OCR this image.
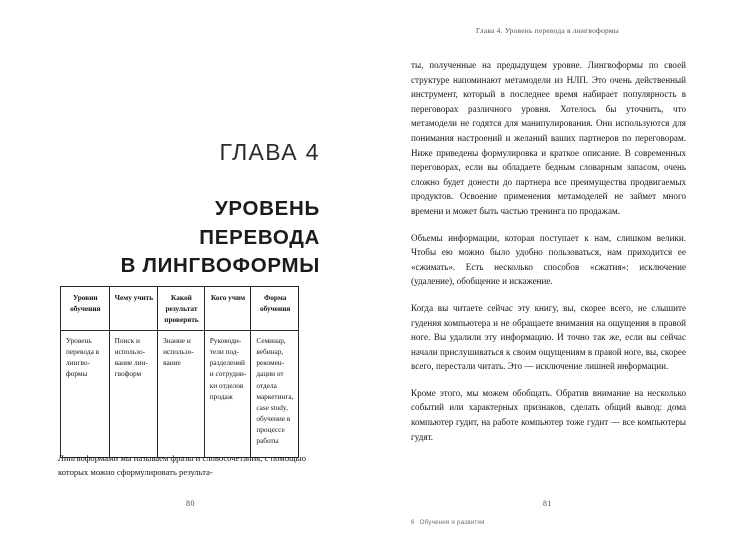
ГЛАВА 4
УРОВЕНЬ
ПЕРЕВОДА
В ЛИНГВОФОРМЫ
Уровни обучения	Чему учить	Какой результат проверять	Кого учим	Форма обучения
Уровень перевода в лингвоформы	Поиск и использование лингвоформ	Знание и использование	Руководители подразделений и сотрудники отделов продаж	Семинар, вебинар, рекомендации от отдела маркетинга, case study, обучение в процессе работы

Лингвоформами мы называем фразы и словосочетания, с помощью которых можно сформулировать результа-

80
Глава 4. Уровень перевода в лингвоформы

ты, полученные на предыдущем уровне. Лингвоформы по своей структуре напоминают метамодели из НЛП. Это очень действенный инструмент, который в последнее время набирает популярность в переговорах различного уровня. Хотелось бы уточнить, что метамодели не годятся для манипулирования. Они используются для понимания настроений и желаний ваших партнеров по переговорам. Ниже приведены формулировка и краткое описание. В современных переговорах, если вы обладаете бедным словарным запасом, очень сложно будет донести до партнера все преимущества продвигаемых продуктов. Освоение применения метамоделей не займет много времени и может быть частью тренинга по продажам.

Объемы информации, которая поступает к нам, слишком велики. Чтобы ею можно было удобно пользоваться, нам приходится ее «сжимать». Есть несколько способов «сжатия»: исключение (удаление), обобщение и искажение.

Когда вы читаете сейчас эту книгу, вы, скорее всего, не слышите гудения компьютера и не обращаете внимания на ощущения в правой ноге. Вы удалили эту информацию. И точно так же, если вы сейчас начали прислушиваться к своим ощущениям в правой ноге, вы, скорее всего, перестали читать. Это — исключение лишней информации.

Кроме этого, мы можем обобщать. Обратив внимание на несколько событий или характерных признаков, сделать общий вывод: дома компьютер гудит, на работе компьютер тоже гудит — все компьютеры гудят.

81
6 Обучения и развития
